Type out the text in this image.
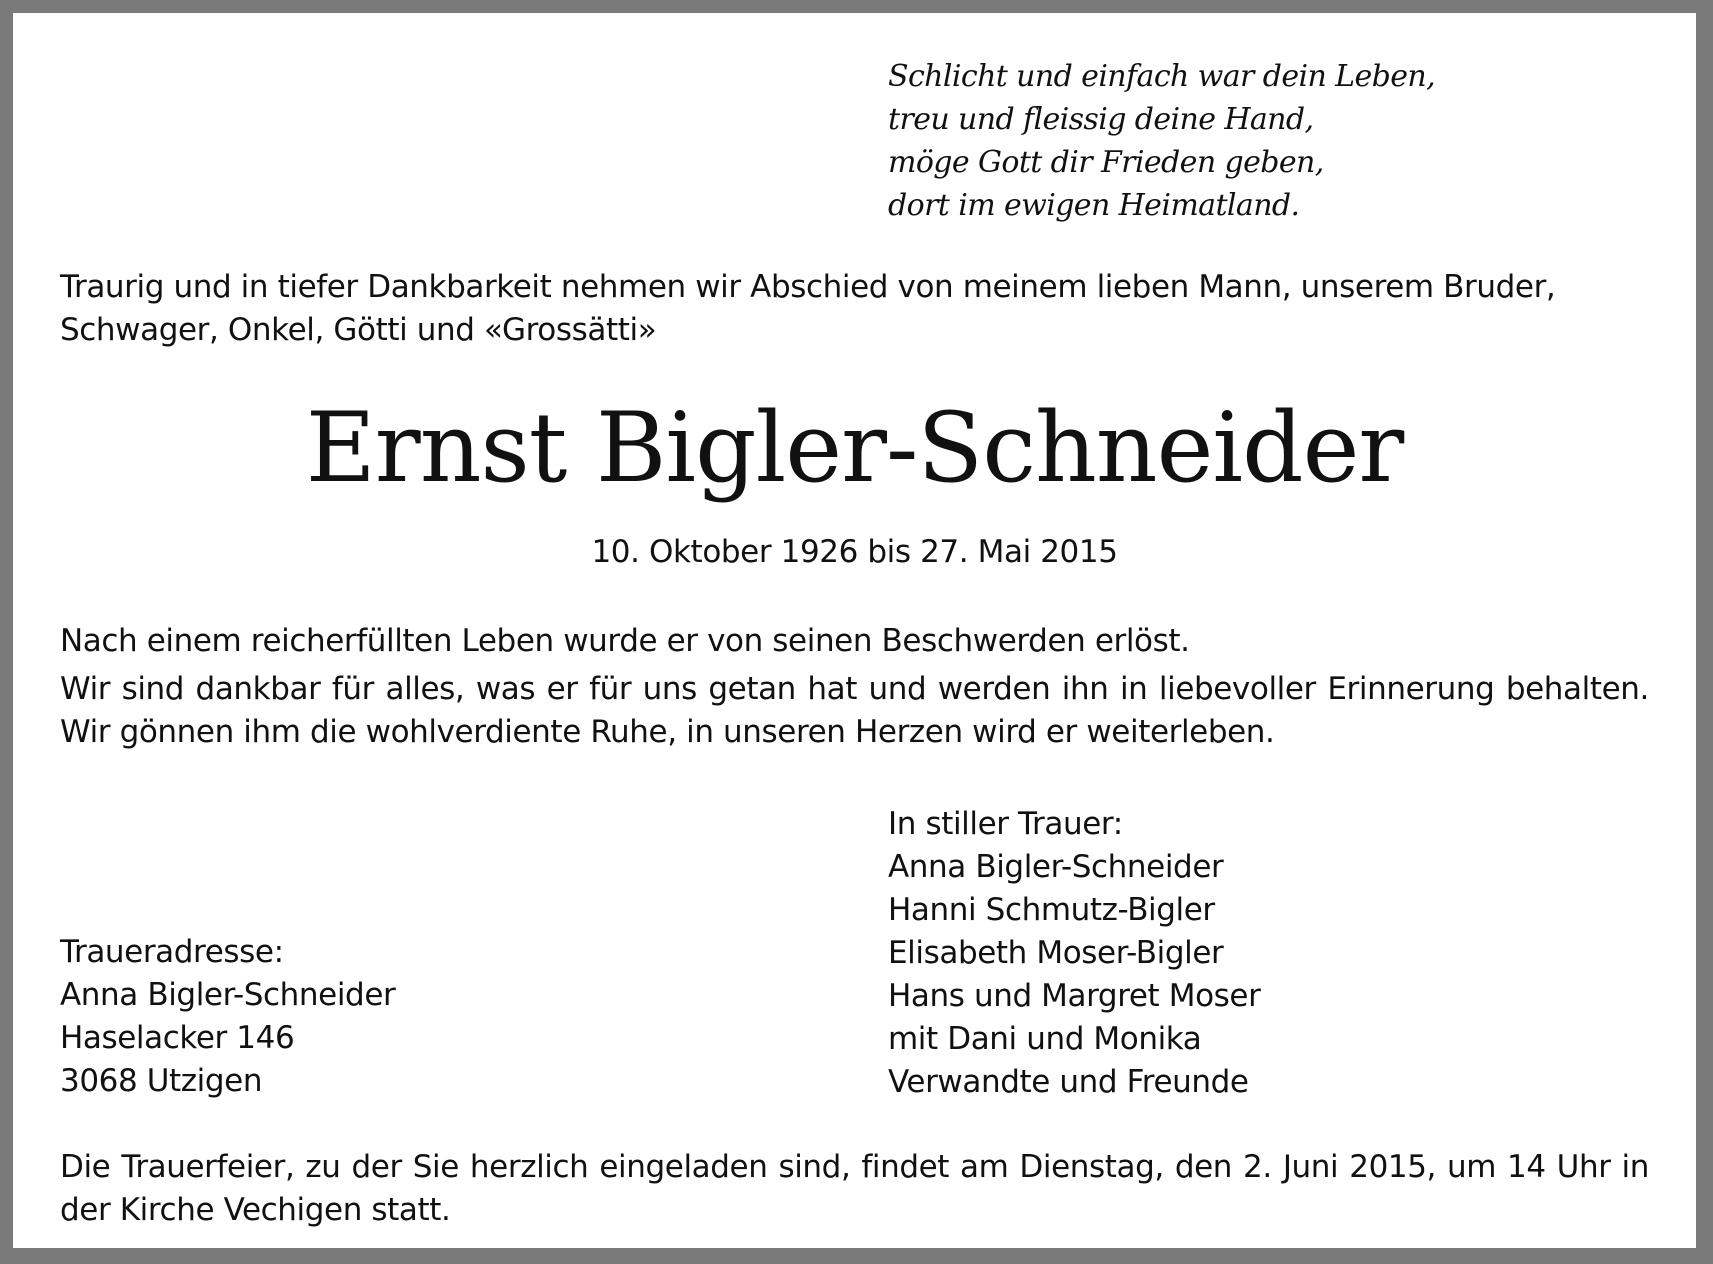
Schlicht und einfach war dein Leben,
treu und fleissig deine Hand,
möge Gott dir Frieden geben,
dort im ewigen Heimatland.
Traurig und in tiefer Dankbarkeit nehmen wir Abschied von meinem lieben Mann, unserem Bruder, Schwager, Onkel, Götti und «Grossätti»
Ernst Bigler-Schneider
10. Oktober 1926 bis 27. Mai 2015
Nach einem reicherfüllten Leben wurde er von seinen Beschwerden erlöst.
Wir sind dankbar für alles, was er für uns getan hat und werden ihn in liebevoller Erinnerung behalten. Wir gönnen ihm die wohlverdiente Ruhe, in unseren Herzen wird er weiterleben.
In stiller Trauer:
Anna Bigler-Schneider
Hanni Schmutz-Bigler
Elisabeth Moser-Bigler
Hans und Margret Moser
mit Dani und Monika
Verwandte und Freunde
Traueradresse:
Anna Bigler-Schneider
Haselacker 146
3068 Utzigen
Die Trauerfeier, zu der Sie herzlich eingeladen sind, findet am Dienstag, den 2. Juni 2015, um 14 Uhr in der Kirche Vechigen statt.
